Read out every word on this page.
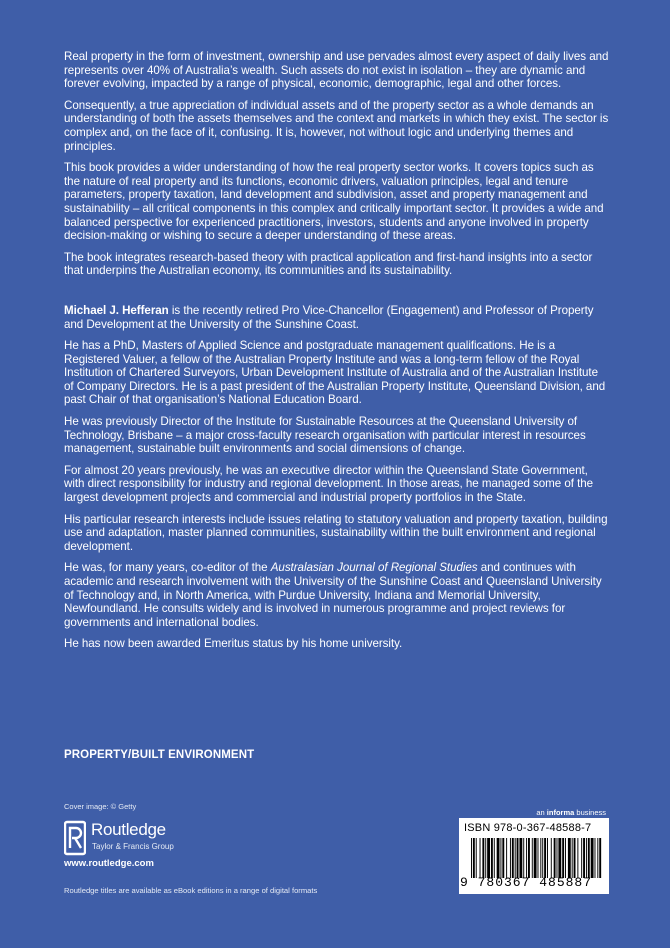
Real property in the form of investment, ownership and use pervades almost every aspect of daily lives and represents over 40% of Australia’s wealth. Such assets do not exist in isolation – they are dynamic and forever evolving, impacted by a range of physical, economic, demographic, legal and other forces.

Consequently, a true appreciation of individual assets and of the property sector as a whole demands an understanding of both the assets themselves and the context and markets in which they exist. The sector is complex and, on the face of it, confusing. It is, however, not without logic and underlying themes and principles.

This book provides a wider understanding of how the real property sector works. It covers topics such as the nature of real property and its functions, economic drivers, valuation principles, legal and tenure parameters, property taxation, land development and subdivision, asset and property management and sustainability – all critical components in this complex and critically important sector. It provides a wide and balanced perspective for experienced practitioners, investors, students and anyone involved in property decision-making or wishing to secure a deeper understanding of these areas.

The book integrates research-based theory with practical application and first-hand insights into a sector that underpins the Australian economy, its communities and its sustainability.

Michael J. Hefferan is the recently retired Pro Vice-Chancellor (Engagement) and Professor of Property and Development at the University of the Sunshine Coast.

He has a PhD, Masters of Applied Science and postgraduate management qualifications. He is a Registered Valuer, a fellow of the Australian Property Institute and was a long-term fellow of the Royal Institution of Chartered Surveyors, Urban Development Institute of Australia and of the Australian Institute of Company Directors. He is a past president of the Australian Property Institute, Queensland Division, and past Chair of that organisation’s National Education Board.

He was previously Director of the Institute for Sustainable Resources at the Queensland University of Technology, Brisbane – a major cross-faculty research organisation with particular interest in resources management, sustainable built environments and social dimensions of change.

For almost 20 years previously, he was an executive director within the Queensland State Government, with direct responsibility for industry and regional development. In those areas, he managed some of the largest development projects and commercial and industrial property portfolios in the State.

His particular research interests include issues relating to statutory valuation and property taxation, building use and adaptation, master planned communities, sustainability within the built environment and regional development.

He was, for many years, co-editor of the Australasian Journal of Regional Studies and continues with academic and research involvement with the University of the Sunshine Coast and Queensland University of Technology and, in North America, with Purdue University, Indiana and Memorial University, Newfoundland. He consults widely and is involved in numerous programme and project reviews for governments and international bodies.

He has now been awarded Emeritus status by his home university.

PROPERTY/BUILT ENVIRONMENT
Cover image: © Getty
Routledge
Taylor & Francis Group
www.routledge.com
Routledge titles are available as eBook editions in a range of digital formats
an informa business
ISBN 978-0-367-48588-7
9 780367 485887
